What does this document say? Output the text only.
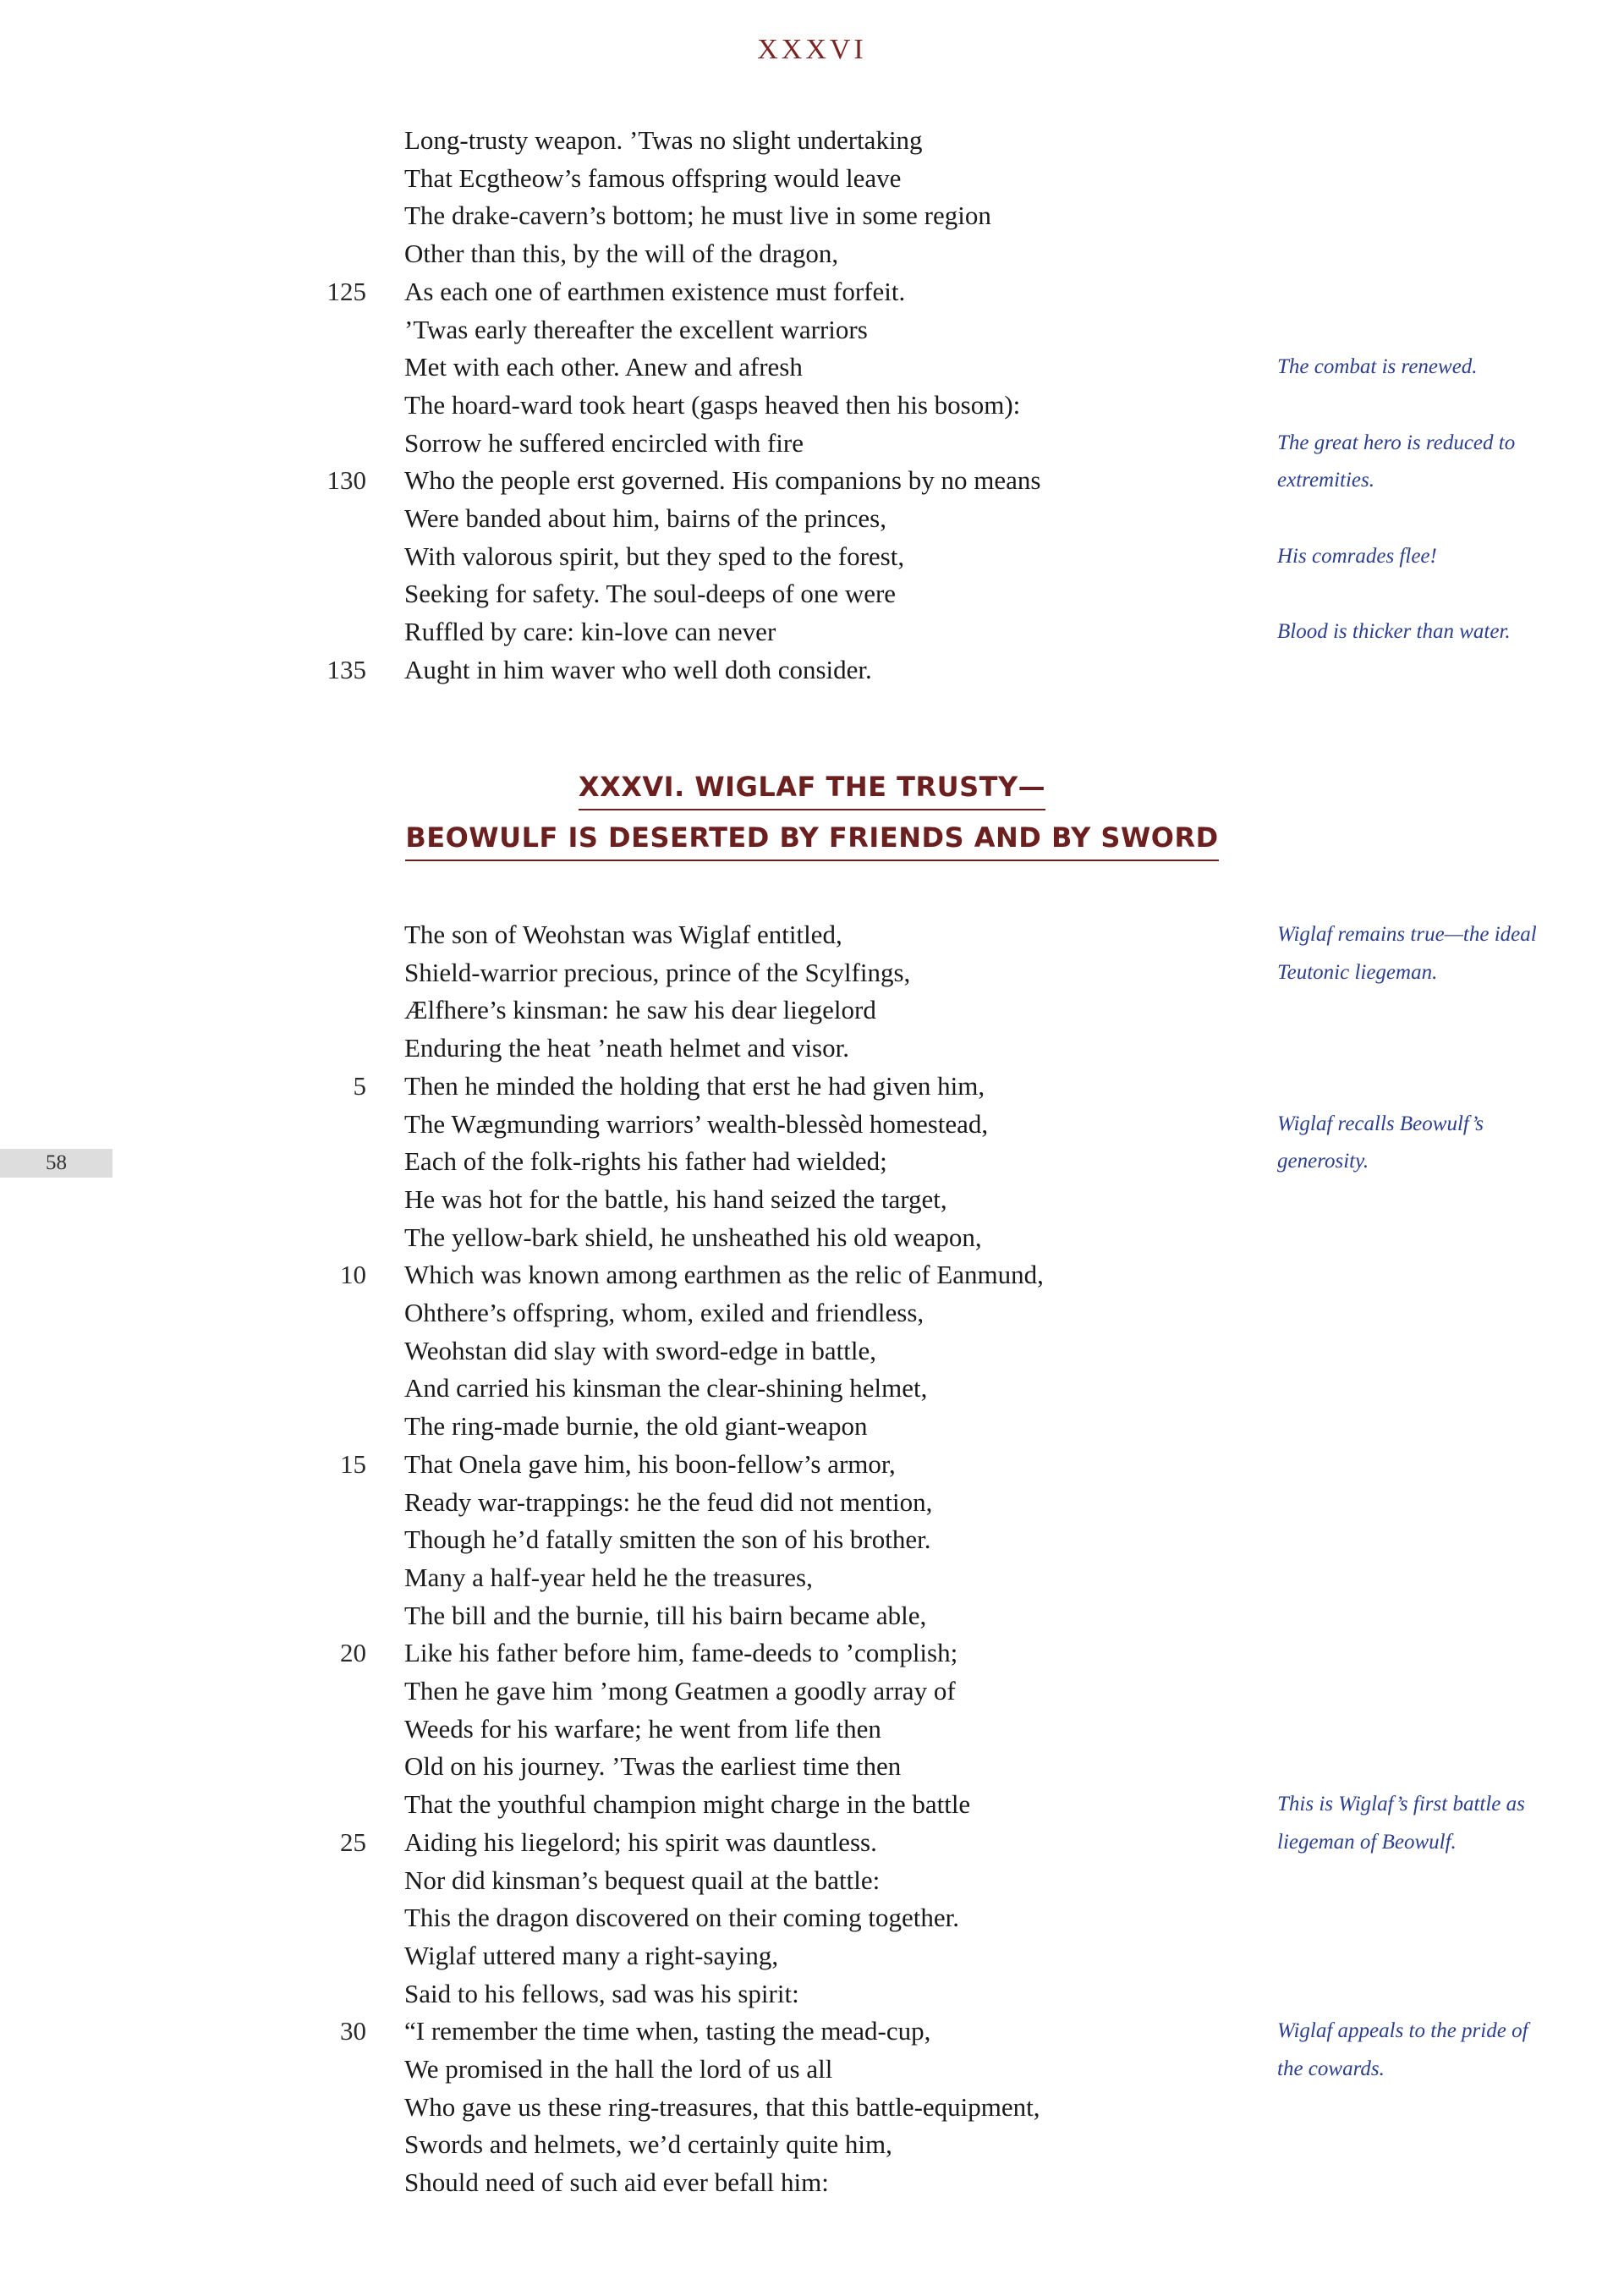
XXXVI
Long-trusty weapon. ’Twas no slight undertaking
That Ecgtheow’s famous offspring would leave
The drake-cavern’s bottom; he must live in some region
Other than this, by the will of the dragon,
125 As each one of earthmen existence must forfeit.
’Twas early thereafter the excellent warriors
Met with each other. Anew and afresh
The hoard-ward took heart (gasps heaved then his bosom):
Sorrow he suffered encircled with fire
130 Who the people erst governed. His companions by no means
Were banded about him, bairns of the princes,
With valorous spirit, but they sped to the forest,
Seeking for safety. The soul-deeps of one were
Ruffled by care: kin-love can never
135 Aught in him waver who well doth consider.
The combat is renewed.
The great hero is reduced to extremities.
His comrades flee!
Blood is thicker than water.
XXXVI. WIGLAF THE TRUSTY—
BEOWULF IS DESERTED BY FRIENDS AND BY SWORD
58
The son of Weohstan was Wiglaf entitled,
Shield-warrior precious, prince of the Scylfings,
Ælfhere’s kinsman: he saw his dear liegelord
Enduring the heat ’neath helmet and visor.
5 Then he minded the holding that erst he had given him,
The Wægmunding warriors’ wealth-blessèd homestead,
Each of the folk-rights his father had wielded;
He was hot for the battle, his hand seized the target,
The yellow-bark shield, he unsheathed his old weapon,
10 Which was known among earthmen as the relic of Eanmund,
Ohthere’s offspring, whom, exiled and friendless,
Weohstan did slay with sword-edge in battle,
And carried his kinsman the clear-shining helmet,
The ring-made burnie, the old giant-weapon
15 That Onela gave him, his boon-fellow’s armor,
Ready war-trappings: he the feud did not mention,
Though he’d fatally smitten the son of his brother.
Many a half-year held he the treasures,
The bill and the burnie, till his bairn became able,
20 Like his father before him, fame-deeds to ’complish;
Then he gave him ’mong Geatmen a goodly array of
Weeds for his warfare; he went from life then
Old on his journey. ’Twas the earliest time then
That the youthful champion might charge in the battle
25 Aiding his liegelord; his spirit was dauntless.
Nor did kinsman’s bequest quail at the battle:
This the dragon discovered on their coming together.
Wiglaf uttered many a right-saying,
Said to his fellows, sad was his spirit:
30 “I remember the time when, tasting the mead-cup,
We promised in the hall the lord of us all
Who gave us these ring-treasures, that this battle-equipment,
Swords and helmets, we’d certainly quite him,
Should need of such aid ever befall him:
Wiglaf remains true—the ideal Teutonic liegeman.
Wiglaf recalls Beowulf’s generosity.
This is Wiglaf’s first battle as liegeman of Beowulf.
Wiglaf appeals to the pride of the cowards.
